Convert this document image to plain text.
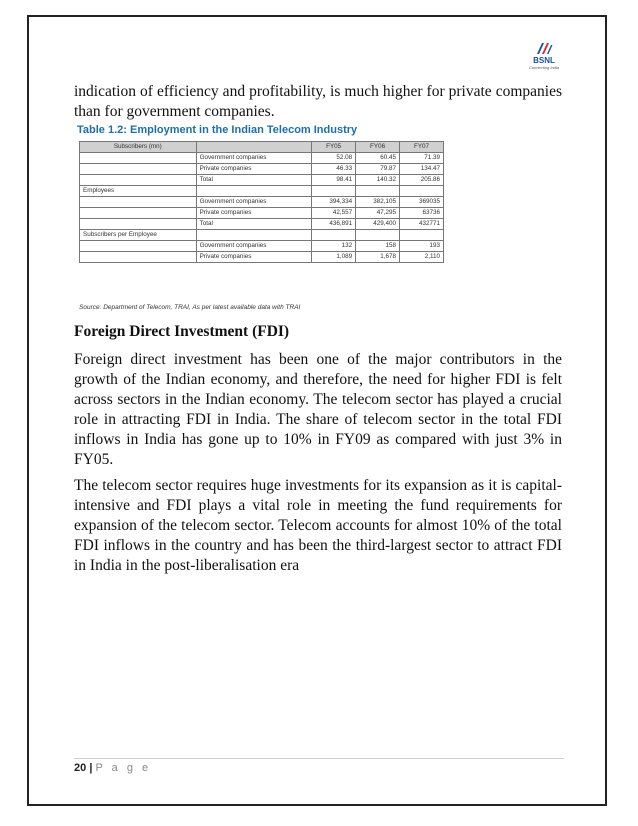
BSNL
Connecting India

indication of efficiency and profitability, is much higher for private companies than for government companies.

Table 1.2: Employment in the Indian Telecom Industry
Subscribers (mn)		FY05	FY06	FY07
	Government companies	52.08	60.45	71.39
	Private companies	46.33	79.87	134.47
	Total	98.41	140.32	205.86
Employees				
	Government companies	394,334	382,105	369035
	Private companies	42,557	47,295	63736
	Total	436,891	429,400	432771
Subscribers per Employee				
	Government companies	132	158	193
	Private companies	1,089	1,678	2,110
Source: Department of Telecom, TRAI, As per latest available data with TRAI
Foreign Direct Investment (FDI)

Foreign direct investment has been one of the major contributors in the growth of the Indian economy, and therefore, the need for higher FDI is felt across sectors in the Indian economy. The telecom sector has played a crucial role in attracting FDI in India. The share of telecom sector in the total FDI inflows in India has gone up to 10% in FY09 as compared with just 3% in FY05.

The telecom sector requires huge investments for its expansion as it is capital-intensive and FDI plays a vital role in meeting the fund requirements for expansion of the telecom sector. Telecom accounts for almost 10% of the total FDI inflows in the country and has been the third-largest sector to attract FDI in India in the post-liberalisation era

20 | P a g e
